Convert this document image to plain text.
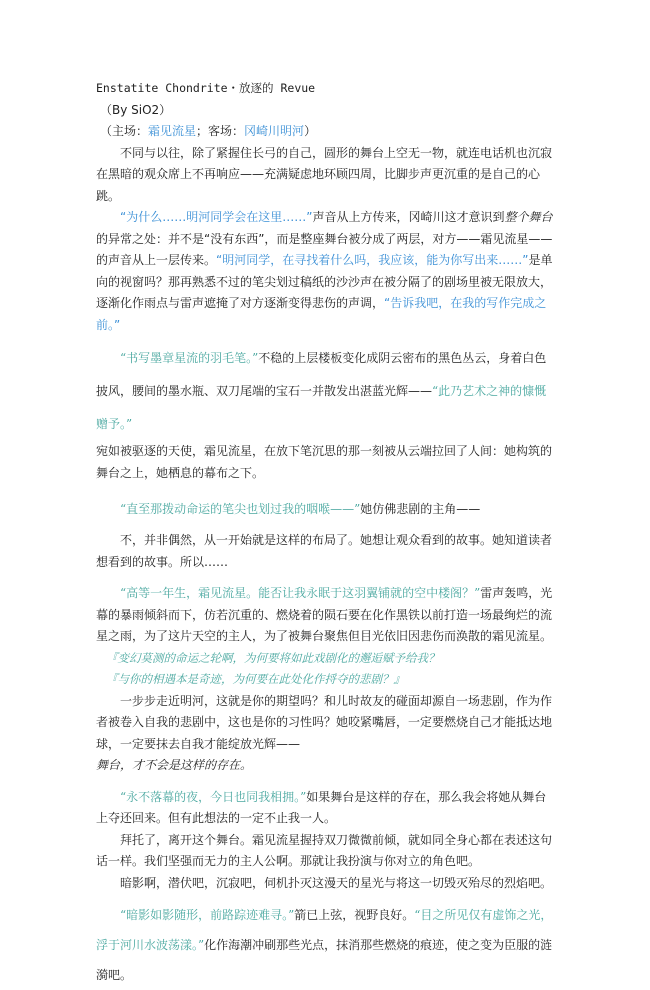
Enstatite Chondrite・放逐的 Revue

（By SiO2）

（主场：霜见流星；客场：冈崎川明河）

不同与以往，除了紧握住长弓的自己，圆形的舞台上空无一物，就连电话机也沉寂在黑暗的观众席上不再响应——充满疑虑地环顾四周，比脚步声更沉重的是自己的心跳。

“为什么……明河同学会在这里……”声音从上方传来，冈崎川这才意识到整个舞台的异常之处：并不是“没有东西”，而是整座舞台被分成了两层，对方——霜见流星——的声音从上一层传来。“明河同学，在寻找着什么吗，我应该，能为你写出来……”是单向的视窗吗？那再熟悉不过的笔尖划过稿纸的沙沙声在被分隔了的剧场里被无限放大，逐渐化作雨点与雷声遮掩了对方逐渐变得悲伤的声调，“告诉我吧，在我的写作完成之前。”

“书写墨章星流的羽毛笔。”不稳的上层楼板变化成阴云密布的黑色丛云，身着白色披风，腰间的墨水瓶、双刀尾端的宝石一并散发出湛蓝光辉——“此乃艺术之神的慷慨赠予。”

宛如被驱逐的天使，霜见流星，在放下笔沉思的那一刻被从云端拉回了人间：她构筑的舞台之上，她栖息的幕布之下。

“直至那拨动命运的笔尖也划过我的咽喉——”她仿佛悲剧的主角——

不，并非偶然，从一开始就是这样的布局了。她想让观众看到的故事。她知道读者想看到的故事。所以……

“高等一年生，霜见流星。能否让我永眠于这羽翼铺就的空中楼阁？”雷声轰鸣，光幕的暴雨倾斜而下，仿若沉重的、燃烧着的陨石要在化作黑铁以前打造一场最绚烂的流星之雨，为了这片天空的主人，为了被舞台聚焦但目光依旧因悲伤而涣散的霜见流星。

『变幻莫测的命运之轮啊，为何要将如此戏剧化的邂逅赋予给我？

『与你的相遇本是奇迹，为何要在此处化作捋夺的悲剧？』

一步步走近明河，这就是你的期望吗？和儿时故友的碰面却源自一场悲剧，作为作者被卷入自我的悲剧中，这也是你的习性吗？她咬紧嘴唇，一定要燃烧自己才能抵达地球，一定要抹去自我才能绽放光辉——

舞台，才不会是这样的存在。

“永不落幕的夜，今日也同我相拥。”如果舞台是这样的存在，那么我会将她从舞台上夺还回来。但有此想法的一定不止我一人。

拜托了，离开这个舞台。霜见流星握持双刀微微前倾，就如同全身心都在表述这句话一样。我们坚强而无力的主人公啊。那就让我扮演与你对立的角色吧。

暗影啊，潜伏吧，沉寂吧，伺机扑灭这漫天的星光与将这一切毁灭殆尽的烈焰吧。

“暗影如影随形，前路踪迹难寻。”箭已上弦，视野良好。“目之所见仅有虚饰之光，浮于河川水波荡漾。”化作海潮冲刷那些光点，抹消那些燃烧的痕迹，使之变为臣服的涟漪吧。
